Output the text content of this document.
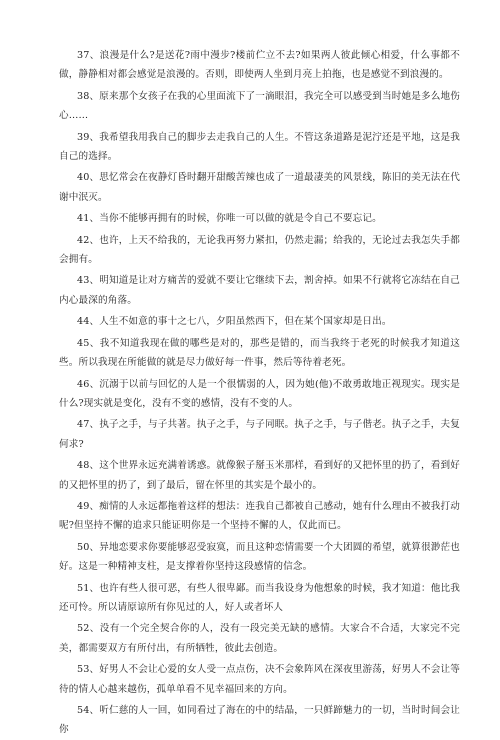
37、浪漫是什么?是送花?雨中漫步?楼前伫立不去?如果两人彼此倾心相爱，什么事都不做，静静相对都会感觉是浪漫的。否则，即使两人坐到月亮上拍拖，也是感觉不到浪漫的。

38、原来那个女孩子在我的心里面流下了一滴眼泪，我完全可以感受到当时她是多么地伤心……

39、我希望我用我自己的脚步去走我自己的人生。不管这条道路是泥泞还是平地，这是我自己的选择。

40、思忆常会在夜静灯昏时翻开甜酸苦辣也成了一道最凄美的风景线，陈旧的美无法在代谢中泯灭。

41、当你不能够再拥有的时候，你唯一可以做的就是令自己不要忘记。

42、也许，上天不给我的，无论我再努力紧扣，仍然走漏；给我的，无论过去我怎失手都会拥有。

43、明知道是让对方痛苦的爱就不要让它继续下去，割舍掉。如果不行就将它冻结在自己内心最深的角落。

44、人生不如意的事十之七八，夕阳虽然西下，但在某个国家却是日出。

45、我不知道我现在做的哪些是对的，那些是错的，而当我终于老死的时候我才知道这些。所以我现在所能做的就是尽力做好每一件事，然后等待着老死。

46、沉溺于以前与回忆的人是一个很懦弱的人，因为她(他)不敢勇敢地正视现实。现实是什么?现实就是变化，没有不变的感情，没有不变的人。

47、执子之手，与子共著。执子之手，与子同眠。执子之手，与子偕老。执子之手，夫复何求?

48、这个世界永远充满着诱惑。就像猴子掰玉米那样，看到好的又把怀里的扔了，看到好的又把怀里的扔了，到了最后，留在怀里的其实是个最小的。

49、痴情的人永远都拖着这样的想法：连我自己都被自己感动，她有什么理由不被我打动呢?但坚持不懈的追求只能证明你是一个坚持不懈的人，仅此而已。

50、异地恋要求你要能够忍受寂寞，而且这种恋情需要一个大团圆的希望，就算很渺茫也好。这是一种精神支柱，是支撑着你坚持这段感情的信念。

51、也许有些人很可恶，有些人很卑鄙。而当我设身为他想象的时候，我才知道：他比我还可怜。所以请原谅所有你见过的人，好人或者坏人

52、没有一个完全契合你的人，没有一段完美无缺的感情。大家合不合适，大家完不完美，都需要双方有所付出，有所牺牲，彼此去创造。

53、好男人不会让心爱的女人受一点点伤，决不会象阵风在深夜里游荡，好男人不会让等待的情人心越来越伤，孤单单看不见幸福回来的方向。

54、听仁慈的人一回，如同看过了海在的中的结晶，一只鲜蹄魅力的一切，当时时间会让你
